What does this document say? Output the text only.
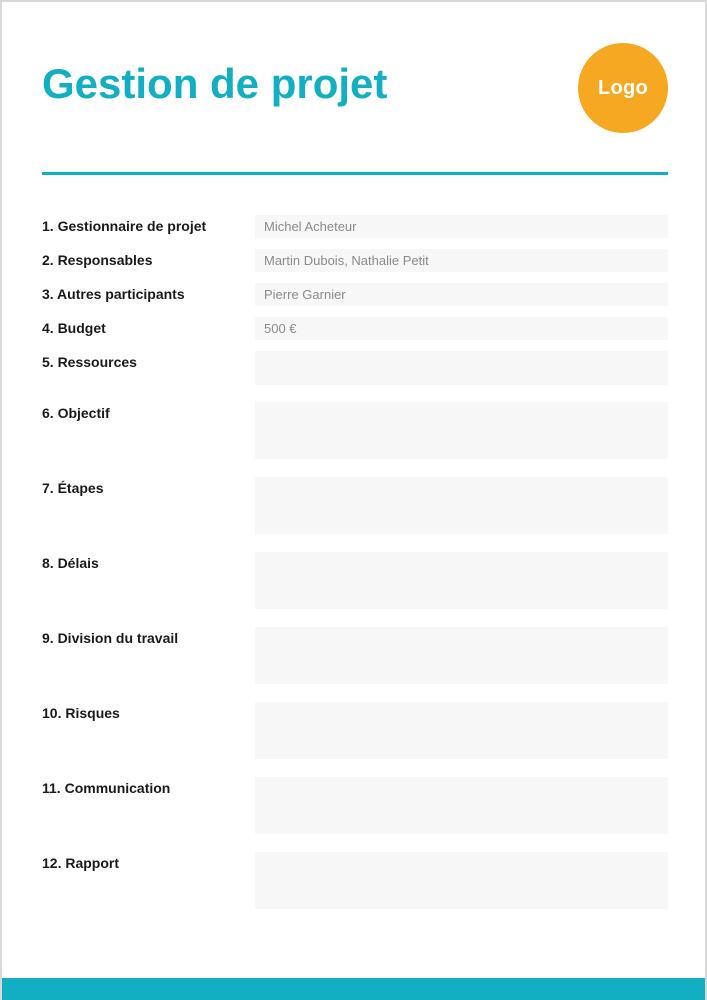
Gestion de projet	Logo
1. Gestionnaire de projet	Michel Acheteur
2. Responsables	Martin Dubois, Nathalie Petit
3. Autres participants	Pierre Garnier
4. Budget	500 €
5. Ressources
6. Objectif
7. Étapes
8. Délais
9. Division du travail
10. Risques
11. Communication
12. Rapport
